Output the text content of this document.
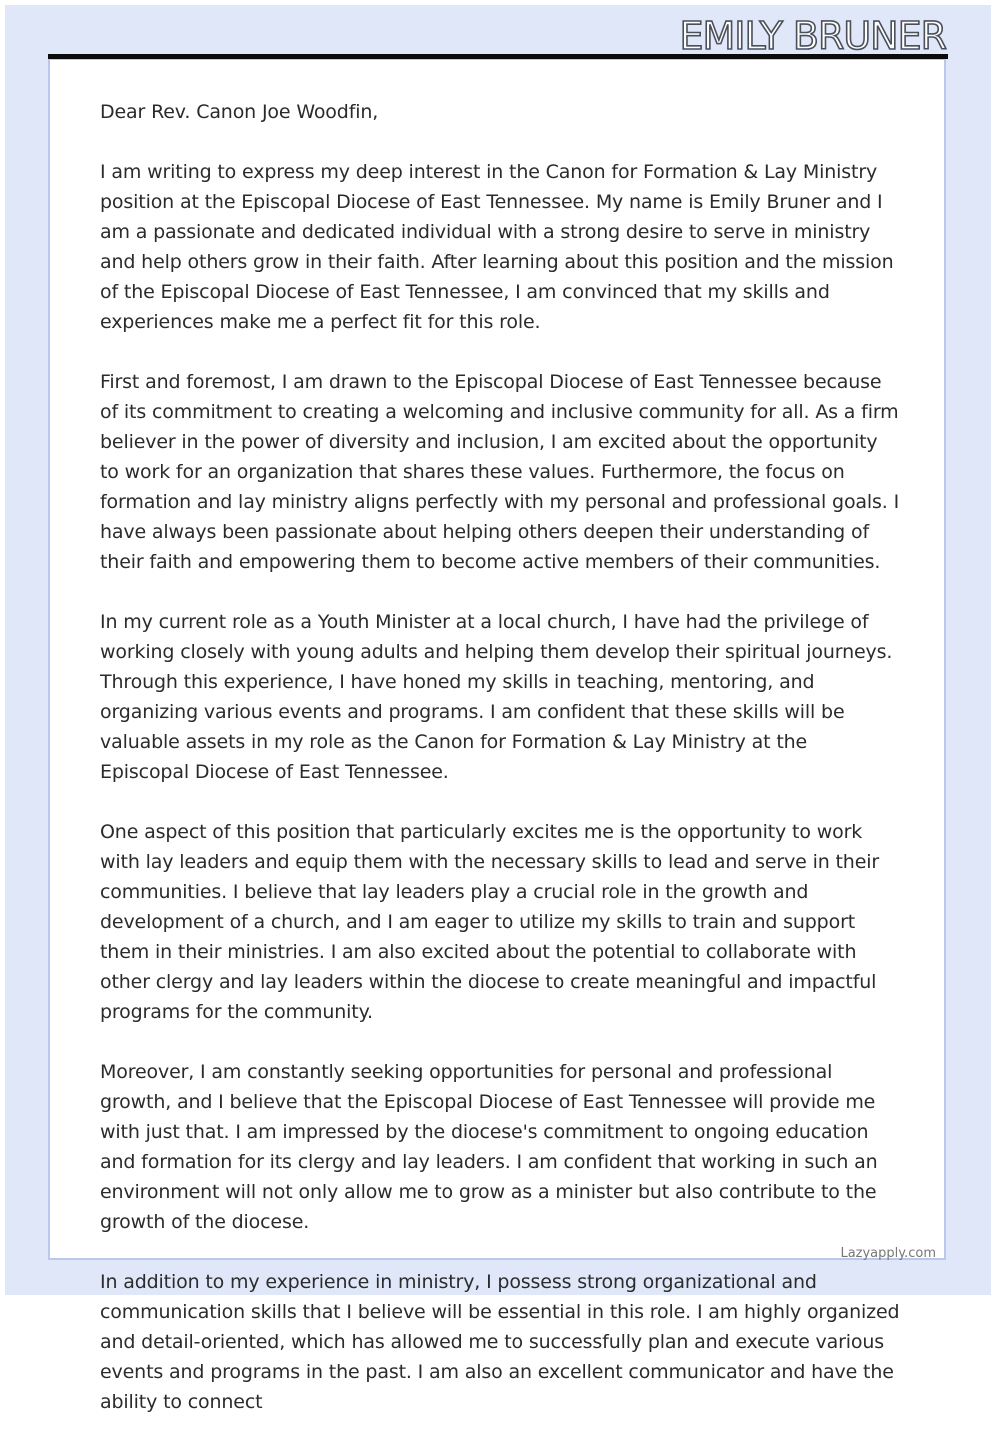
EMILY BRUNER

Dear Rev. Canon Joe Woodfin,

I am writing to express my deep interest in the Canon for Formation & Lay Ministry position at the Episcopal Diocese of East Tennessee. My name is Emily Bruner and I am a passionate and dedicated individual with a strong desire to serve in ministry and help others grow in their faith. After learning about this position and the mission of the Episcopal Diocese of East Tennessee, I am convinced that my skills and experiences make me a perfect fit for this role.

First and foremost, I am drawn to the Episcopal Diocese of East Tennessee because of its commitment to creating a welcoming and inclusive community for all. As a firm believer in the power of diversity and inclusion, I am excited about the opportunity to work for an organization that shares these values. Furthermore, the focus on formation and lay ministry aligns perfectly with my personal and professional goals. I have always been passionate about helping others deepen their understanding of their faith and empowering them to become active members of their communities.

In my current role as a Youth Minister at a local church, I have had the privilege of working closely with young adults and helping them develop their spiritual journeys. Through this experience, I have honed my skills in teaching, mentoring, and organizing various events and programs. I am confident that these skills will be valuable assets in my role as the Canon for Formation & Lay Ministry at the Episcopal Diocese of East Tennessee.

One aspect of this position that particularly excites me is the opportunity to work with lay leaders and equip them with the necessary skills to lead and serve in their communities. I believe that lay leaders play a crucial role in the growth and development of a church, and I am eager to utilize my skills to train and support them in their ministries. I am also excited about the potential to collaborate with other clergy and lay leaders within the diocese to create meaningful and impactful programs for the community.

Moreover, I am constantly seeking opportunities for personal and professional growth, and I believe that the Episcopal Diocese of East Tennessee will provide me with just that. I am impressed by the diocese's commitment to ongoing education and formation for its clergy and lay leaders. I am confident that working in such an environment will not only allow me to grow as a minister but also contribute to the growth of the diocese.

In addition to my experience in ministry, I possess strong organizational and communication skills that I believe will be essential in this role. I am highly organized and detail-oriented, which has allowed me to successfully plan and execute various events and programs in the past. I am also an excellent communicator and have the ability to connect

Lazyapply.com
